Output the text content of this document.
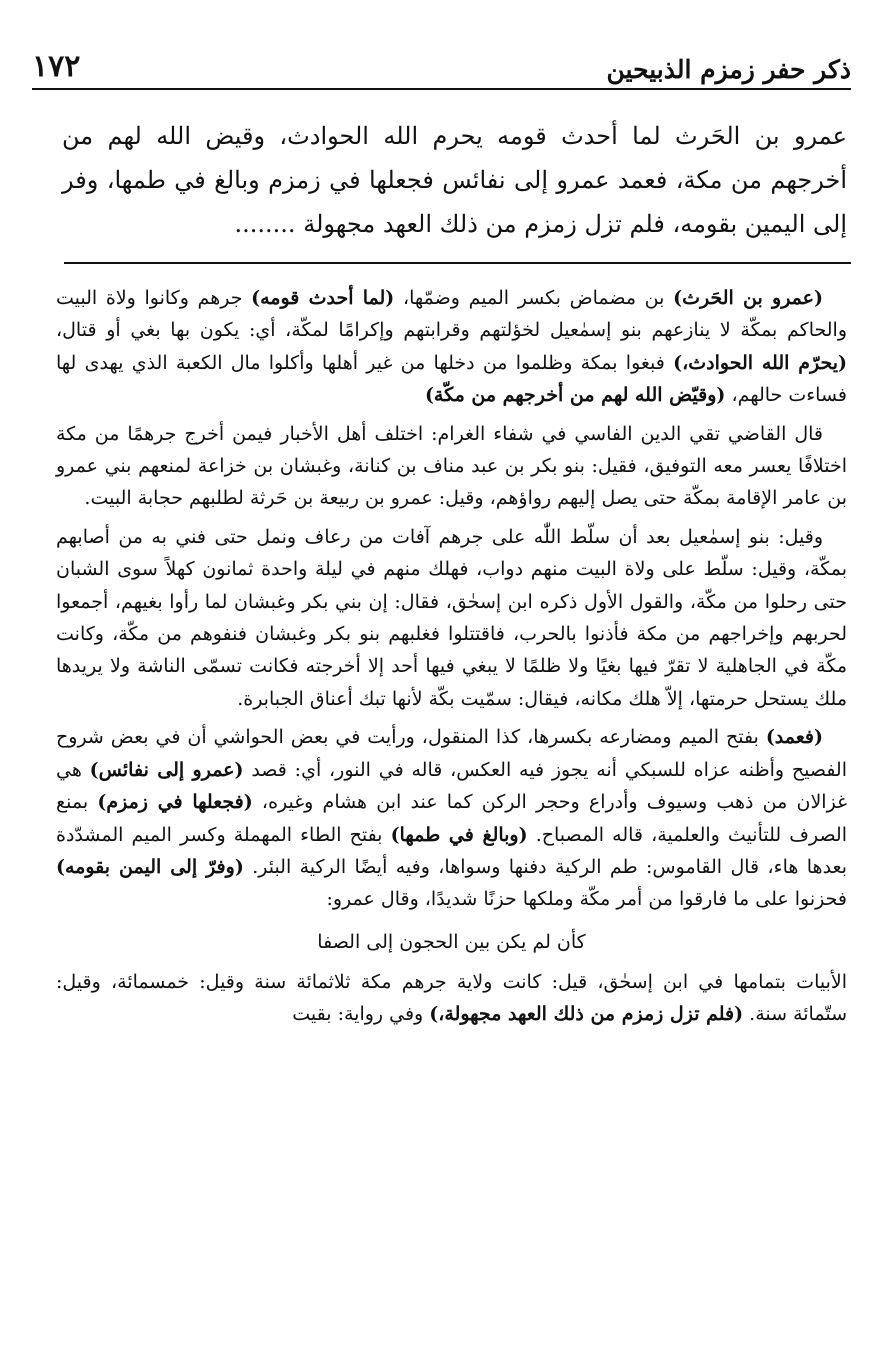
ذكر حفر زمزم الذبيحين
١٧٢

عمرو بن الحَرث لما أحدث قومه يحرم الله الحوادث، وقيض الله لهم من أخرجهم من مكة، فعمد عمرو إلى نفائس فجعلها في زمزم وبالغ في طمها، وفر إلى اليمين بقومه، فلم تزل زمزم من ذلك العهد مجهولة ........

(عمرو بن الحَرث) بن مضماض بكسر الميم وضمّها، (لما أحدث قومه) جرهم وكانوا ولاة البيت والحاكم بمكّة لا ينازعهم بنو إسمٰعيل لخؤلتهم وقرابتهم وإكرامًا لمكّة، أي: يكون بها بغي أو قتال، (يحرّم الله الحوادث،) فبغوا بمكة وظلموا من دخلها من غير أهلها وأكلوا مال الكعبة الذي يهدى لها فساءت حالهم، (وقيّض الله لهم من أخرجهم من مكّة)

قال القاضي تقي الدين الفاسي في شفاء الغرام: اختلف أهل الأخبار فيمن أخرج جرهمًا من مكة اختلافًا يعسر معه التوفيق، فقيل: بنو بكر بن عبد مناف بن كنانة، وغبشان بن خزاعة لمنعهم بني عمرو بن عامر الإقامة بمكّة حتى يصل إليهم رواؤهم، وقيل: عمرو بن ربيعة بن حَرثة لطلبهم حجابة البيت.

وقيل: بنو إسمٰعيل بعد أن سلّط اللّٰه على جرهم آفات من رعاف ونمل حتى فني به من أصابهم بمكّة، وقيل: سلّط على ولاة البيت منهم دواب، فهلك منهم في ليلة واحدة ثمانون كهلاً سوى الشبان حتى رحلوا من مكّة، والقول الأول ذكره ابن إسحٰق، فقال: إن بني بكر وغبشان لما رأوا بغيهم، أجمعوا لحربهم وإخراجهم من مكة فأذنوا بالحرب، فاقتتلوا فغلبهم بنو بكر وغبشان فنفوهم من مكّة، وكانت مكّة في الجاهلية لا تقرّ فيها بغيًا ولا ظلمًا لا يبغي فيها أحد إلا أخرجته فكانت تسمّى الناشة ولا يريدها ملك يستحل حرمتها، إلاّ هلك مكانه، فيقال: سمّيت بكّة لأنها تبك أعناق الجبابرة.

(فعمد) بفتح الميم ومضارعه بكسرها، كذا المنقول، ورأيت في بعض الحواشي أن في بعض شروح الفصيح وأظنه عزاه للسبكي أنه يجوز فيه العكس، قاله في النور، أي: قصد (عمرو إلى نفائس) هي غزالان من ذهب وسيوف وأدراع وحجر الركن كما عند ابن هشام وغيره، (فجعلها في زمزم) بمنع الصرف للتأنيث والعلمية، قاله المصباح. (وبالغ في طمها) بفتح الطاء المهملة وكسر الميم المشدّدة بعدها هاء، قال القاموس: طم الركية دفنها وسواها، وفيه أيضًا الركية البئر. (وفرّ إلى اليمن بقومه) فحزنوا على ما فارقوا من أمر مكّة وملكها حزنًا شديدًا، وقال عمرو:

كأن لم يكن بين الحجون إلى الصفا

الأبيات بتمامها في ابن إسحٰق، قيل: كانت ولاية جرهم مكة ثلاثمائة سنة وقيل: خمسمائة، وقيل: ستّمائة سنة. (فلم تزل زمزم من ذلك العهد مجهولة،) وفي رواية: بقيت
